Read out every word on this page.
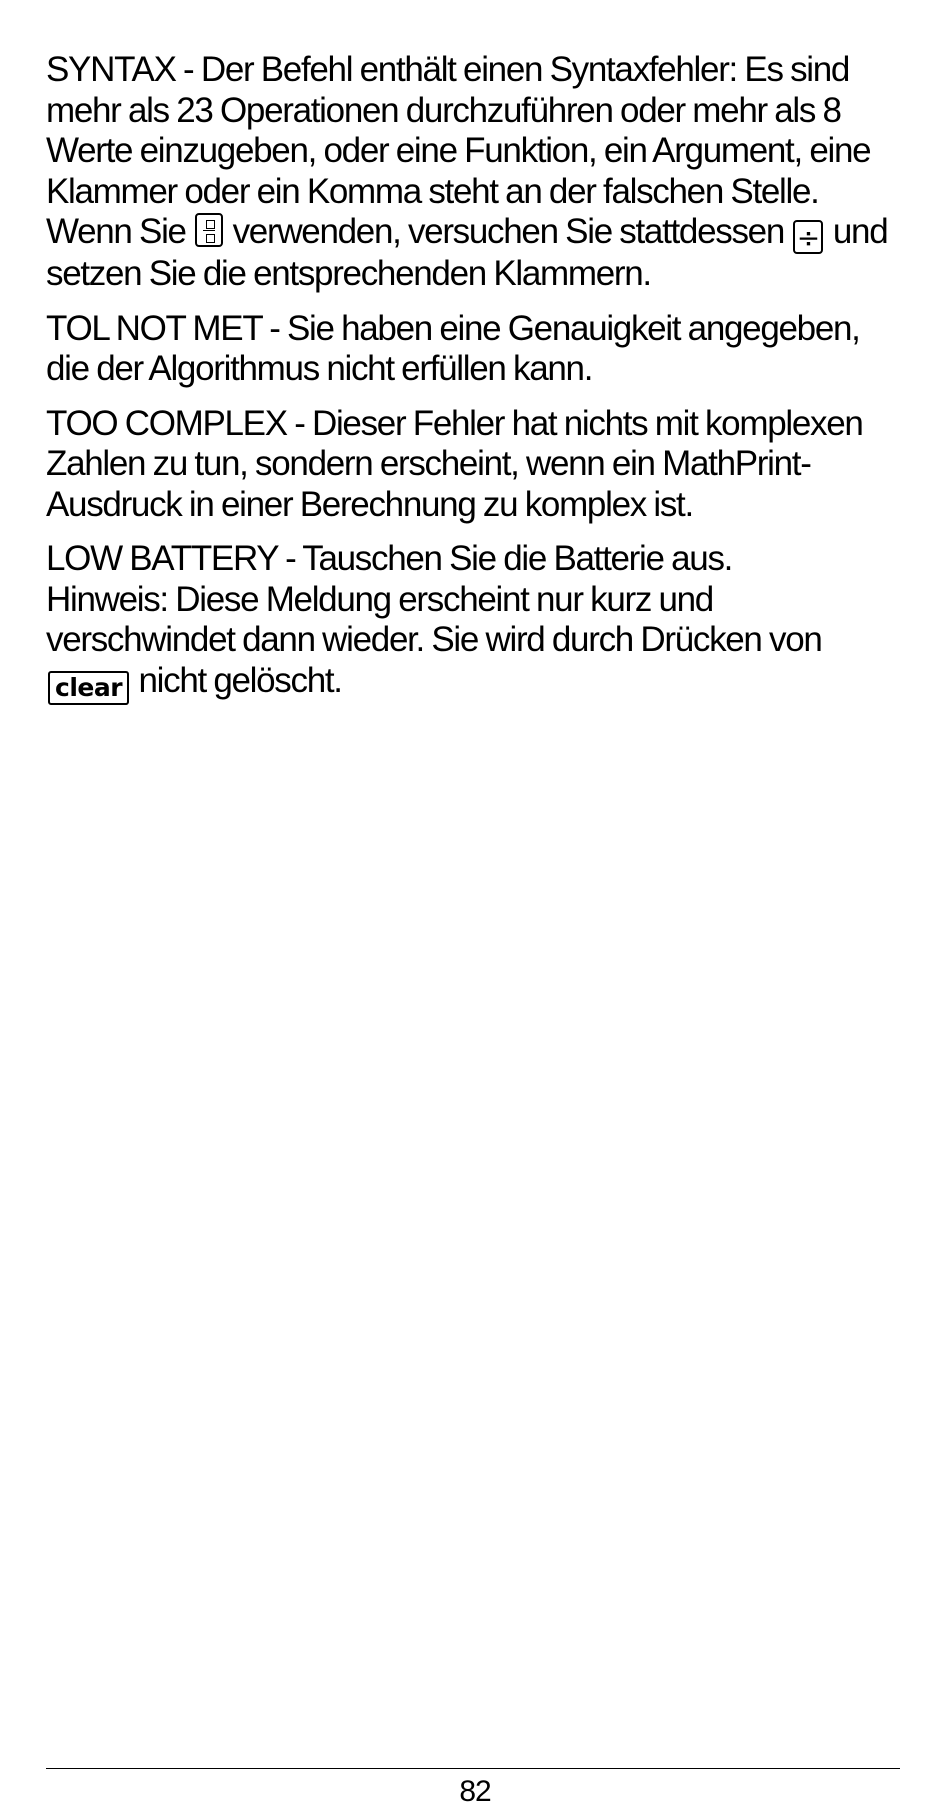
SYNTAX - Der Befehl enthält einen Syntaxfehler: Es sind mehr als 23 Operationen durchzuführen oder mehr als 8 Werte einzugeben, oder eine Funktion, ein Argument, eine Klammer oder ein Komma steht an der falschen Stelle. Wenn Sie verwenden, versuchen Sie stattdessen ÷ und setzen Sie die entsprechenden Klammern.

TOL NOT MET - Sie haben eine Genauigkeit angegeben, die der Algorithmus nicht erfüllen kann.

TOO COMPLEX - Dieser Fehler hat nichts mit komplexen Zahlen zu tun, sondern erscheint, wenn ein MathPrint-Ausdruck in einer Berechnung zu komplex ist.

LOW BATTERY - Tauschen Sie die Batterie aus.

Hinweis: Diese Meldung erscheint nur kurz und verschwindet dann wieder. Sie wird durch Drücken von clear nicht gelöscht.

82
